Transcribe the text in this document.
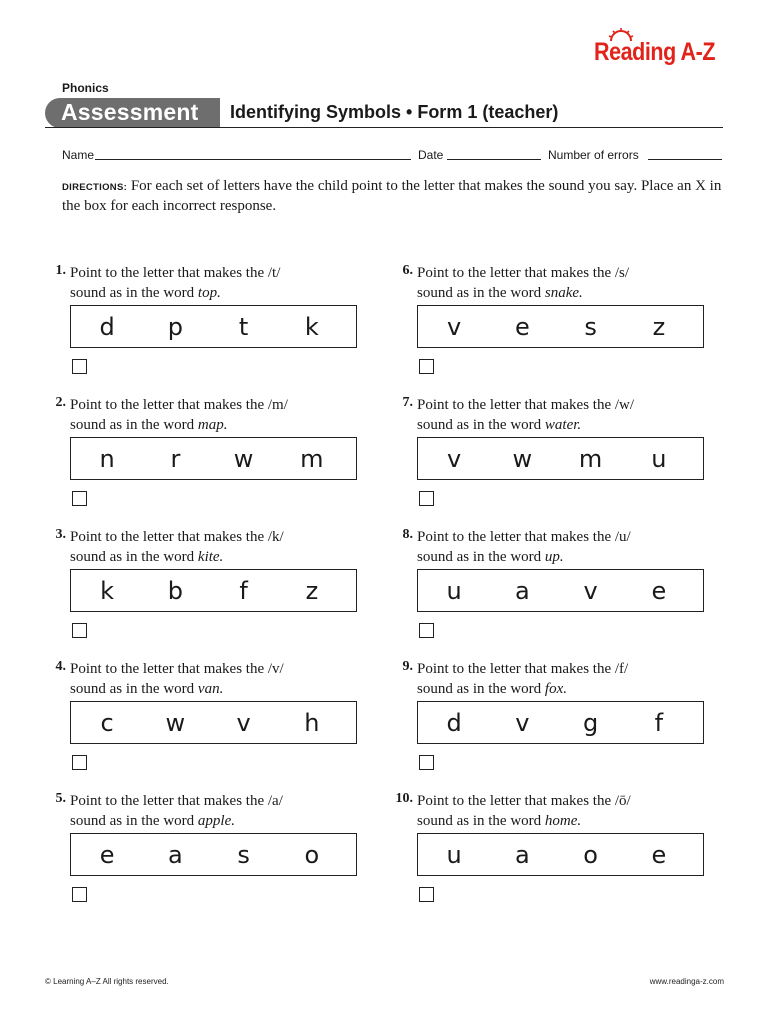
Reading A-Z
Phonics
Assessment Identifying Symbols • Form 1 (teacher)
Name	Date	Number of errors
DIRECTIONS: For each set of letters have the child point to the letter that makes the sound you say. Place an X in the box for each incorrect response.
1. Point to the letter that makes the /t/
sound as in the word top.
d	p	t	k
2. Point to the letter that makes the /m/
sound as in the word map.
n	r	w	m
3. Point to the letter that makes the /k/
sound as in the word kite.
k	b	f	z
4. Point to the letter that makes the /v/
sound as in the word van.
c	w	v	h
5. Point to the letter that makes the /a/
sound as in the word apple.
e	a	s	o
6. Point to the letter that makes the /s/
sound as in the word snake.
v	e	s	z
7. Point to the letter that makes the /w/
sound as in the word water.
v	w	m	u
8. Point to the letter that makes the /u/
sound as in the word up.
u	a	v	e
9. Point to the letter that makes the /f/
sound as in the word fox.
d	v	g	f
10. Point to the letter that makes the /ō/
sound as in the word home.
u	a	o	e
© Learning A–Z All rights reserved.	www.readinga-z.com
